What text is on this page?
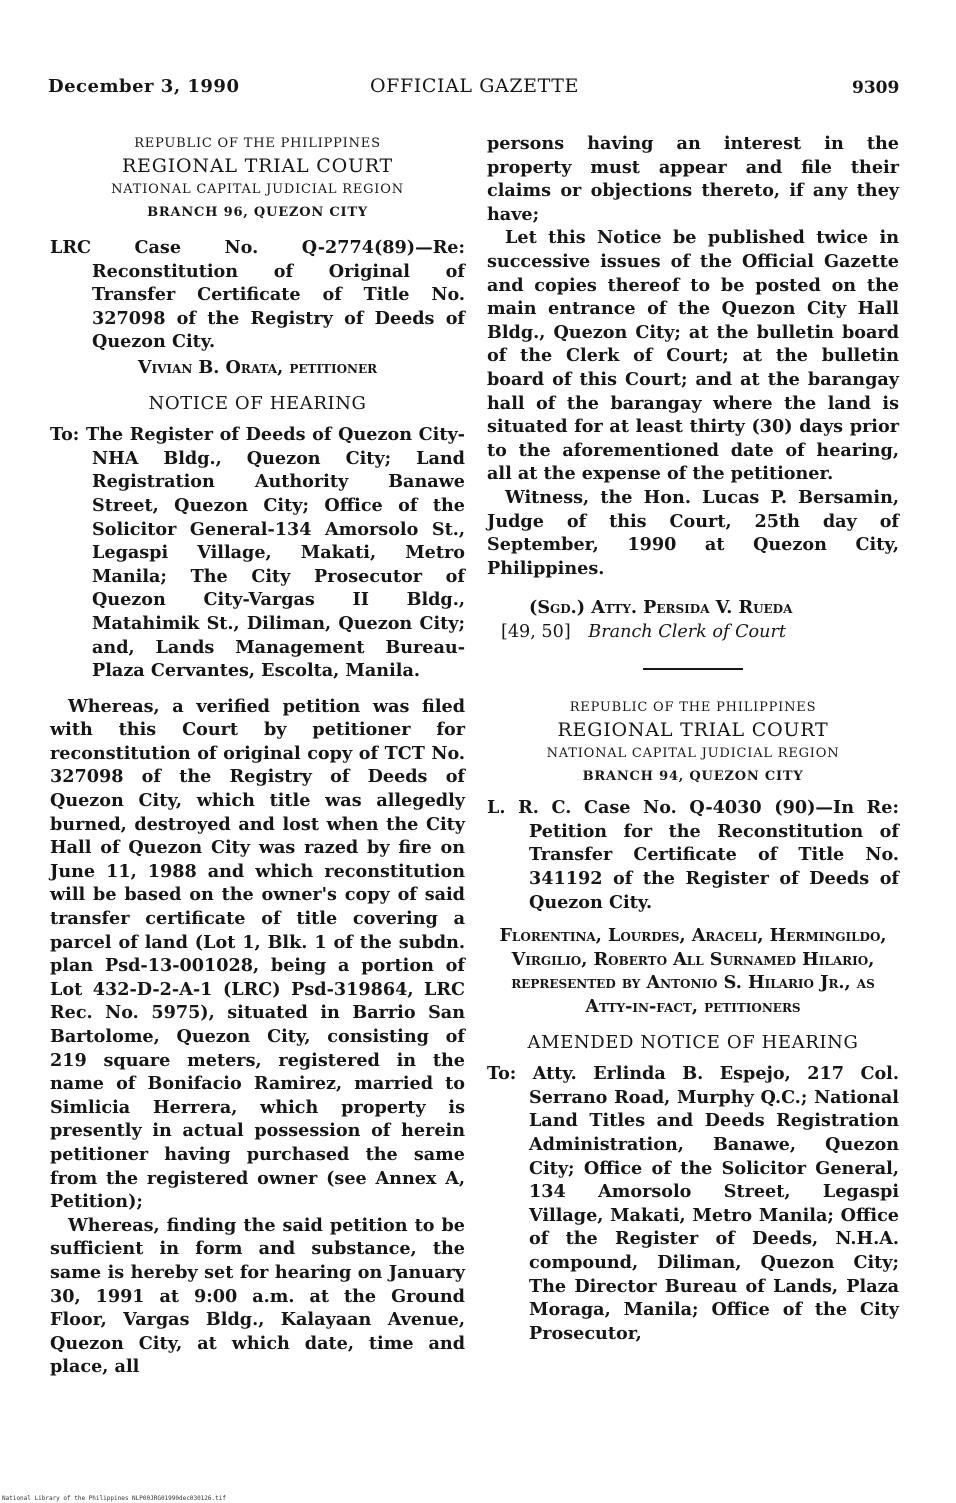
December 3, 1990	OFFICIAL GAZETTE	9309
REPUBLIC OF THE PHILIPPINES
REGIONAL TRIAL COURT
NATIONAL CAPITAL JUDICIAL REGION
BRANCH 96, QUEZON CITY
LRC Case No. Q-2774(89)—Re: Reconstitution of Original of Transfer Certificate of Title No. 327098 of the Registry of Deeds of Quezon City.
Vivian B. Orata, petitioner
NOTICE OF HEARING
To: The Register of Deeds of Quezon City-NHA Bldg., Quezon City; Land Registration Authority Banawe Street, Quezon City; Office of the Solicitor General-134 Amorsolo St., Legaspi Village, Makati, Metro Manila; The City Prosecutor of Quezon City-Vargas II Bldg., Matahimik St., Diliman, Quezon City; and, Lands Management Bureau-Plaza Cervantes, Escolta, Manila.

Whereas, a verified petition was filed with this Court by petitioner for reconstitution of original copy of TCT No. 327098 of the Registry of Deeds of Quezon City, which title was allegedly burned, destroyed and lost when the City Hall of Quezon City was razed by fire on June 11, 1988 and which reconstitution will be based on the owner's copy of said transfer certificate of title covering a parcel of land (Lot 1, Blk. 1 of the subdn. plan Psd-13-001028, being a portion of Lot 432-D-2-A-1 (LRC) Psd-319864, LRC Rec. No. 5975), situated in Barrio San Bartolome, Quezon City, consisting of 219 square meters, registered in the name of Bonifacio Ramirez, married to Simlicia Herrera, which property is presently in actual possession of herein petitioner having purchased the same from the registered owner (see Annex A, Petition);

Whereas, finding the said petition to be sufficient in form and substance, the same is hereby set for hearing on January 30, 1991 at 9:00 a.m. at the Ground Floor, Vargas Bldg., Kalayaan Avenue, Quezon City, at which date, time and place, all

persons having an interest in the property must appear and file their claims or objections thereto, if any they have;

Let this Notice be published twice in successive issues of the Official Gazette and copies thereof to be posted on the main entrance of the Quezon City Hall Bldg., Quezon City; at the bulletin board of the Clerk of Court; at the bulletin board of this Court; and at the barangay hall of the barangay where the land is situated for at least thirty (30) days prior to the aforementioned date of hearing, all at the expense of the petitioner.

Witness, the Hon. Lucas P. Bersamin, Judge of this Court, 25th day of September, 1990 at Quezon City, Philippines.

(Sgd.) Atty. Persida V. Rueda
[49, 50] Branch Clerk of Court
REPUBLIC OF THE PHILIPPINES
REGIONAL TRIAL COURT
NATIONAL CAPITAL JUDICIAL REGION
BRANCH 94, QUEZON CITY
L. R. C. Case No. Q-4030 (90)—In Re: Petition for the Reconstitution of Transfer Certificate of Title No. 341192 of the Register of Deeds of Quezon City.
Florentina, Lourdes, Araceli, Hermingildo, Virgilio, Roberto All Surnamed Hilario, represented by Antonio S. Hilario Jr., as Atty-in-fact, petitioners
AMENDED NOTICE OF HEARING
To: Atty. Erlinda B. Espejo, 217 Col. Serrano Road, Murphy Q.C.; National Land Titles and Deeds Registration Administration, Banawe, Quezon City; Office of the Solicitor General, 134 Amorsolo Street, Legaspi Village, Makati, Metro Manila; Office of the Register of Deeds, N.H.A. compound, Diliman, Quezon City; The Director Bureau of Lands, Plaza Moraga, Manila; Office of the City Prosecutor,
National Library of the Philippines NLP00JRG01990dec030126.tif
